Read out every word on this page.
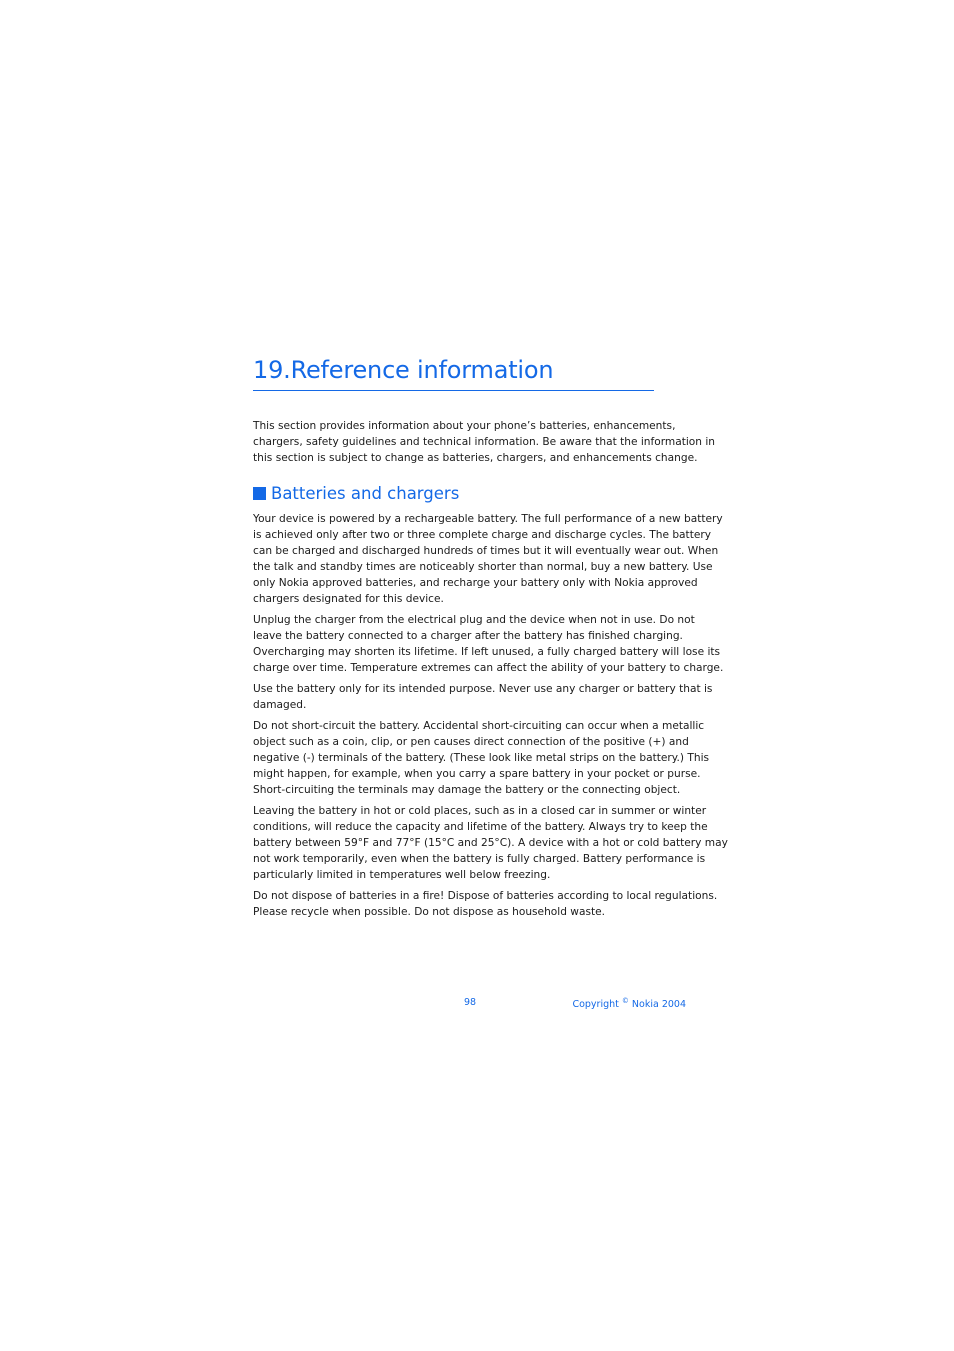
19.Reference information
This section provides information about your phone’s batteries, enhancements,
chargers, safety guidelines and technical information. Be aware that the information in
this section is subject to change as batteries, chargers, and enhancements change.
Batteries and chargers

Your device is powered by a rechargeable battery. The full performance of a new battery
is achieved only after two or three complete charge and discharge cycles. The battery
can be charged and discharged hundreds of times but it will eventually wear out. When
the talk and standby times are noticeably shorter than normal, buy a new battery. Use
only Nokia approved batteries, and recharge your battery only with Nokia approved
chargers designated for this device.

Unplug the charger from the electrical plug and the device when not in use. Do not
leave the battery connected to a charger after the battery has finished charging.
Overcharging may shorten its lifetime. If left unused, a fully charged battery will lose its
charge over time. Temperature extremes can affect the ability of your battery to charge.

Use the battery only for its intended purpose. Never use any charger or battery that is
damaged.

Do not short-circuit the battery. Accidental short-circuiting can occur when a metallic
object such as a coin, clip, or pen causes direct connection of the positive (+) and
negative (-) terminals of the battery. (These look like metal strips on the battery.) This
might happen, for example, when you carry a spare battery in your pocket or purse.
Short-circuiting the terminals may damage the battery or the connecting object.

Leaving the battery in hot or cold places, such as in a closed car in summer or winter
conditions, will reduce the capacity and lifetime of the battery. Always try to keep the
battery between 59°F and 77°F (15°C and 25°C). A device with a hot or cold battery may
not work temporarily, even when the battery is fully charged. Battery performance is
particularly limited in temperatures well below freezing.

Do not dispose of batteries in a fire! Dispose of batteries according to local regulations.
Please recycle when possible. Do not dispose as household waste.

98	Copyright © Nokia 2004
